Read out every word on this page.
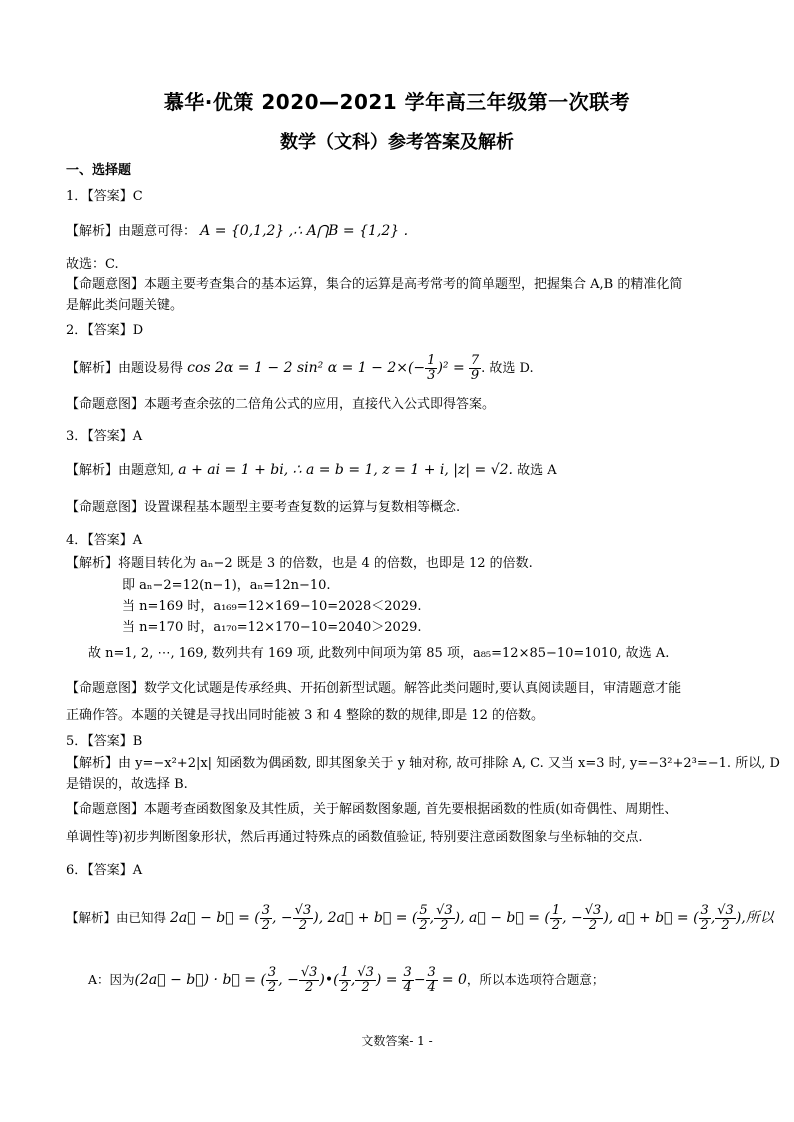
慕华·优策 2020—2021 学年高三年级第一次联考
数学（文科）参考答案及解析
一、选择题
1．【答案】C
【解析】由题意可得： A = {0,1,2} ,∴ A⋂B = {1,2} .
故选：C.
【命题意图】本题主要考查集合的基本运算，集合的运算是高考常考的简单题型，把握集合 A,B 的精准化简
是解此类问题关键。
2．【答案】D
【解析】由题设易得 cos 2α = 1 − 2 sin² $\alpha = 1 - 2\times(- \frac{1}{3} )^2 = \frac{7}{9}$ . 故选 D.
【命题意图】本题考查余弦的二倍角公式的应用，直接代入公式即得答案。
3．【答案】A
【解析】由题意知, a + ai = 1 + bi, ∴ a = b = 1, z = 1 + i, |z| = √2. 故选 A
【命题意图】设置课程基本题型主要考查复数的运算与复数相等概念.
4．【答案】A
【解析】将题目转化为 aₙ−2 既是 3 的倍数，也是 4 的倍数，也即是 12 的倍数.
即 aₙ−2=12(n−1)，aₙ=12n−10.
当 n=169 时，a₁₆₉=12×169−10=2028＜2029.
当 n=170 时，a₁₇₀=12×170−10=2040＞2029.
故 n=1, 2, ⋯, 169, 数列共有 169 项, 此数列中间项为第 85 项，a₈₅=12×85−10=1010, 故选 A.
【命题意图】数学文化试题是传承经典、开拓创新型试题。解答此类问题时,要认真阅读题目，审清题意才能
正确作答。本题的关键是寻找出同时能被 3 和 4 整除的数的规律,即是 12 的倍数。
5．【答案】B
【解析】由 y=−x²+2|x| 知函数为偶函数, 即其图象关于 y 轴对称, 故可排除 A, C. 又当 x=3 时, y=−3²+2³=−1. 所以, D
是错误的，故选择 B.
【命题意图】本题考查函数图象及其性质，关于解函数图象题, 首先要根据函数的性质(如奇偶性、周期性、
单调性等)初步判断图象形状，然后再通过特殊点的函数值验证, 特别要注意函数图象与坐标轴的交点.
6．【答案】A
【解析】由已知得 2a⃗ − b⃗ = ( $\frac{3}{2}$ , − $\frac{√3}{2}$ ), 2a⃗ + b⃗ = ( $\frac{5}{2}$ , $\frac{√3}{2}$ ), a⃗ − b⃗ = ( $\frac{1}{2}$ , − $\frac{√3}{2}$ ), a⃗ + b⃗ = ( $\frac{3}{2}$ , $\frac{√3}{2}$ ),所以
A：因为(2a⃗ − b⃗) · b⃗ = ( $\frac{3}{2}$ , − $\frac{√3}{2}$ )•( $\frac{1}{2}$ , $\frac{√3}{2}$ ) = $\frac{3}{4} - \frac{3}{4} = 0$，所以本选项符合题意；
文数答案- 1 -
